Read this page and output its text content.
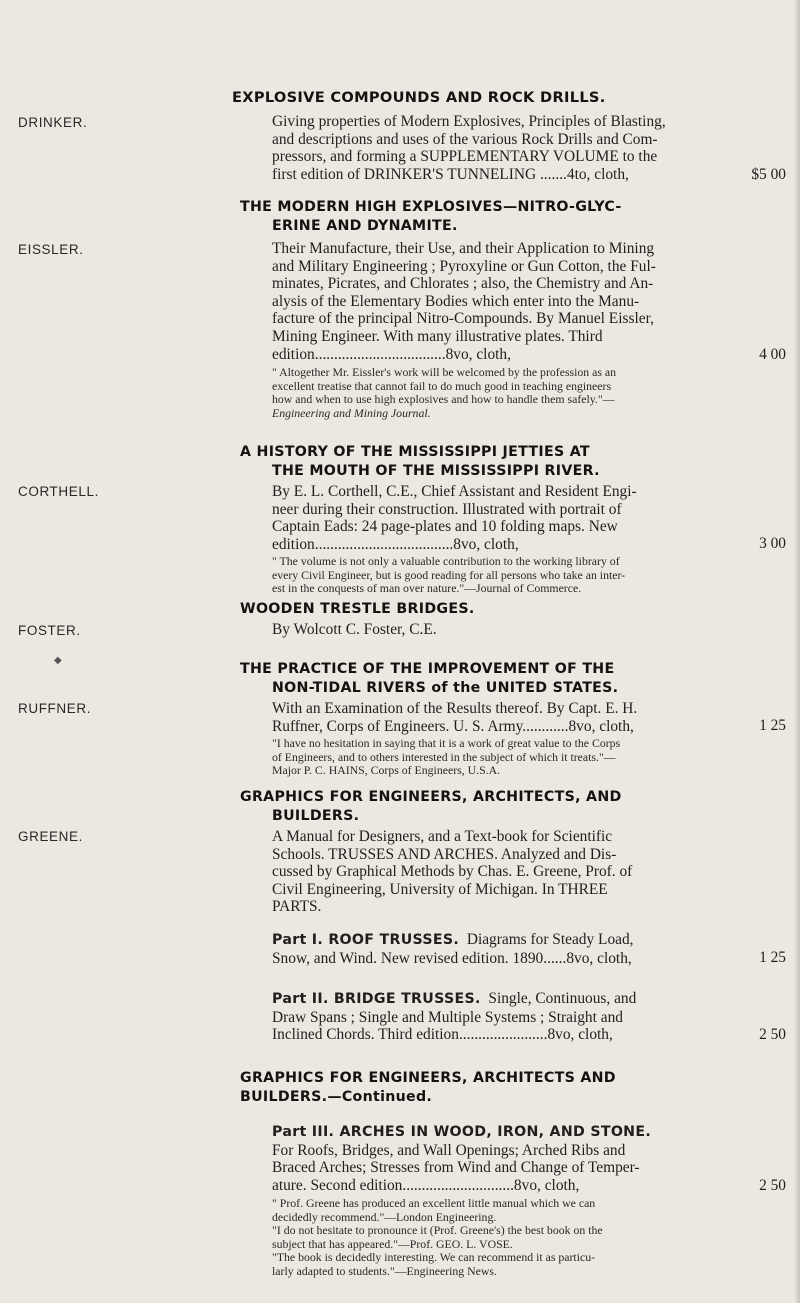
EXPLOSIVE COMPOUNDS AND ROCK DRILLS.
DRINKER.	Giving properties of Modern Explosives, Principles of Blasting,
and descriptions and uses of the various Rock Drills and Com-
pressors, and forming a SUPPLEMENTARY VOLUME to the
first edition of DRINKER'S TUNNELING .......4to, cloth,	$5 00
THE MODERN HIGH EXPLOSIVES—NITRO-GLYC-
ERINE AND DYNAMITE.
EISSLER.	Their Manufacture, their Use, and their Application to Mining
and Military Engineering ; Pyroxyline or Gun Cotton, the Ful-
minates, Picrates, and Chlorates ; also, the Chemistry and An-
alysis of the Elementary Bodies which enter into the Manu-
facture of the principal Nitro-Compounds. By Manuel Eissler,
Mining Engineer. With many illustrative plates. Third
edition..................................8vo, cloth,	4 00
" Altogether Mr. Eissler's work will be welcomed by the profession as an
excellent treatise that cannot fail to do much good in teaching engineers
how and when to use high explosives and how to handle them safely."—
Engineering and Mining Journal.
A HISTORY OF THE MISSISSIPPI JETTIES AT
THE MOUTH OF THE MISSISSIPPI RIVER.
CORTHELL.	By E. L. Corthell, C.E., Chief Assistant and Resident Engi-
neer during their construction. Illustrated with portrait of
Captain Eads: 24 page-plates and 10 folding maps. New
edition....................................8vo, cloth,	3 00
" The volume is not only a valuable contribution to the working library of
every Civil Engineer, but is good reading for all persons who take an inter-
est in the conquests of man over nature."—Journal of Commerce.
WOODEN TRESTLE BRIDGES.
FOSTER.	By Wolcott C. Foster, C.E.
THE PRACTICE OF THE IMPROVEMENT OF THE
NON-TIDAL RIVERS of the UNITED STATES.
RUFFNER.	With an Examination of the Results thereof. By Capt. E. H.
Ruffner, Corps of Engineers. U. S. Army............8vo, cloth,	1 25
"I have no hesitation in saying that it is a work of great value to the Corps
of Engineers, and to others interested in the subject of which it treats."—
Major P. C. HAINS, Corps of Engineers, U.S.A.
◆
GRAPHICS FOR ENGINEERS, ARCHITECTS, AND
BUILDERS.
GREENE.	A Manual for Designers, and a Text-book for Scientific
Schools. TRUSSES AND ARCHES. Analyzed and Dis-
cussed by Graphical Methods by Chas. E. Greene, Prof. of
Civil Engineering, University of Michigan. In THREE
PARTS.
Part I. ROOF TRUSSES. Diagrams for Steady Load,
Snow, and Wind. New revised edition. 1890......8vo, cloth,	1 25
Part II. BRIDGE TRUSSES. Single, Continuous, and
Draw Spans ; Single and Multiple Systems ; Straight and
Inclined Chords. Third edition.......................8vo, cloth,	2 50
GRAPHICS FOR ENGINEERS, ARCHITECTS AND
BUILDERS.—Continued.
Part III. ARCHES IN WOOD, IRON, AND STONE.
For Roofs, Bridges, and Wall Openings; Arched Ribs and
Braced Arches; Stresses from Wind and Change of Temper-
ature. Second edition.............................8vo, cloth,	2 50
" Prof. Greene has produced an excellent little manual which we can
decidedly recommend."—London Engineering.
"I do not hesitate to pronounce it (Prof. Greene's) the best book on the
subject that has appeared."—Prof. GEO. L. VOSE.
"The book is decidedly interesting. We can recommend it as particu-
larly adapted to students."—Engineering News.
